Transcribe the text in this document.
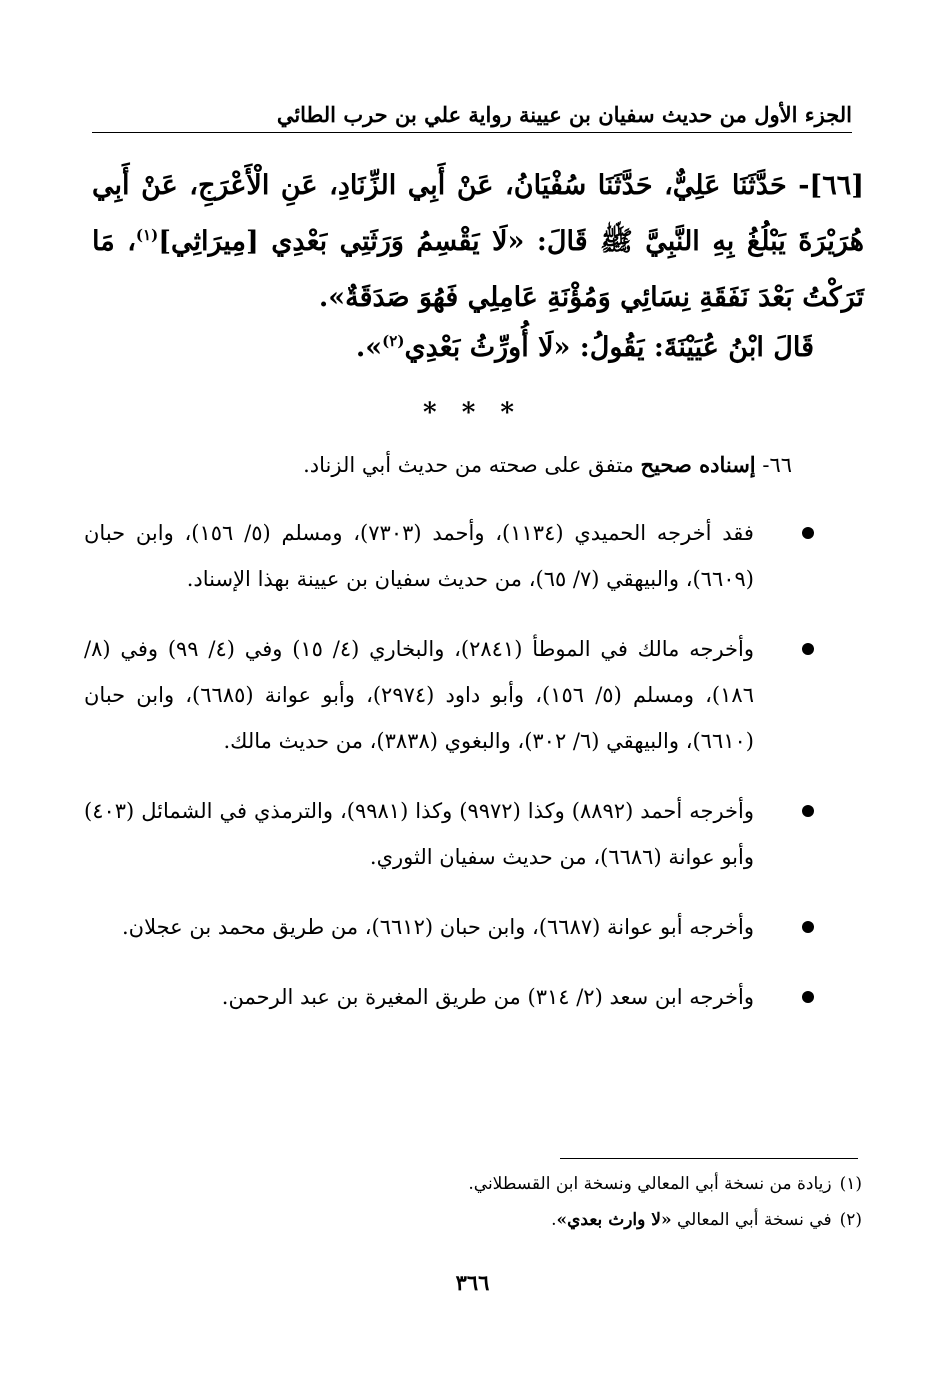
الجزء الأول من حديث سفيان بن عيينة رواية علي بن حرب الطائي
[٦٦]- حَدَّثَنَا عَلِيٌّ، حَدَّثَنَا سُفْيَانُ، عَنْ أَبِي الزِّنَادِ، عَنِ الْأَعْرَجِ، عَنْ أَبِي هُرَيْرَةَ يَبْلُغُ بِهِ النَّبِيَّ ﷺ قَالَ: «لَا يَقْسِمُ وَرَثَتِي بَعْدِي [مِيرَاثِي]$^{(١)}$، مَا تَرَكْتُ بَعْدَ نَفَقَةِ نِسَائِي وَمُؤْنَةِ عَامِلِي فَهُوَ صَدَقَةٌ».
قَالَ ابْنُ عُيَيْنَةَ: يَقُولُ: «لَا أُورِّثُ بَعْدِي$^{(٢)}$».
* * *
٦٦- إسناده صحيح متفق على صحته من حديث أبي الزناد.
فقد أخرجه الحميدي (١١٣٤)، وأحمد (٧٣٠٣)، ومسلم (٥/ ١٥٦)، وابن حبان (٦٦٠٩)، والبيهقي (٧/ ٦٥)، من حديث سفيان بن عيينة بهذا الإسناد.
وأخرجه مالك في الموطأ (٢٨٤١)، والبخاري (٤/ ١٥) وفي (٤/ ٩٩) وفي (٨/ ١٨٦)، ومسلم (٥/ ١٥٦)، وأبو داود (٢٩٧٤)، وأبو عوانة (٦٦٨٥)، وابن حبان (٦٦١٠)، والبيهقي (٦/ ٣٠٢)، والبغوي (٣٨٣٨)، من حديث مالك.
وأخرجه أحمد (٨٨٩٢) وكذا (٩٩٧٢) وكذا (٩٩٨١)، والترمذي في الشمائل (٤٠٣) وأبو عوانة (٦٦٨٦)، من حديث سفيان الثوري.
وأخرجه أبو عوانة (٦٦٨٧)، وابن حبان (٦٦١٢)، من طريق محمد بن عجلان.
وأخرجه ابن سعد (٢/ ٣١٤) من طريق المغيرة بن عبد الرحمن.
(١)زيادة من نسخة أبي المعالي ونسخة ابن القسطلاني.
(٢)في نسخة أبي المعالي «لا وارث بعدي».
٣٦٦
